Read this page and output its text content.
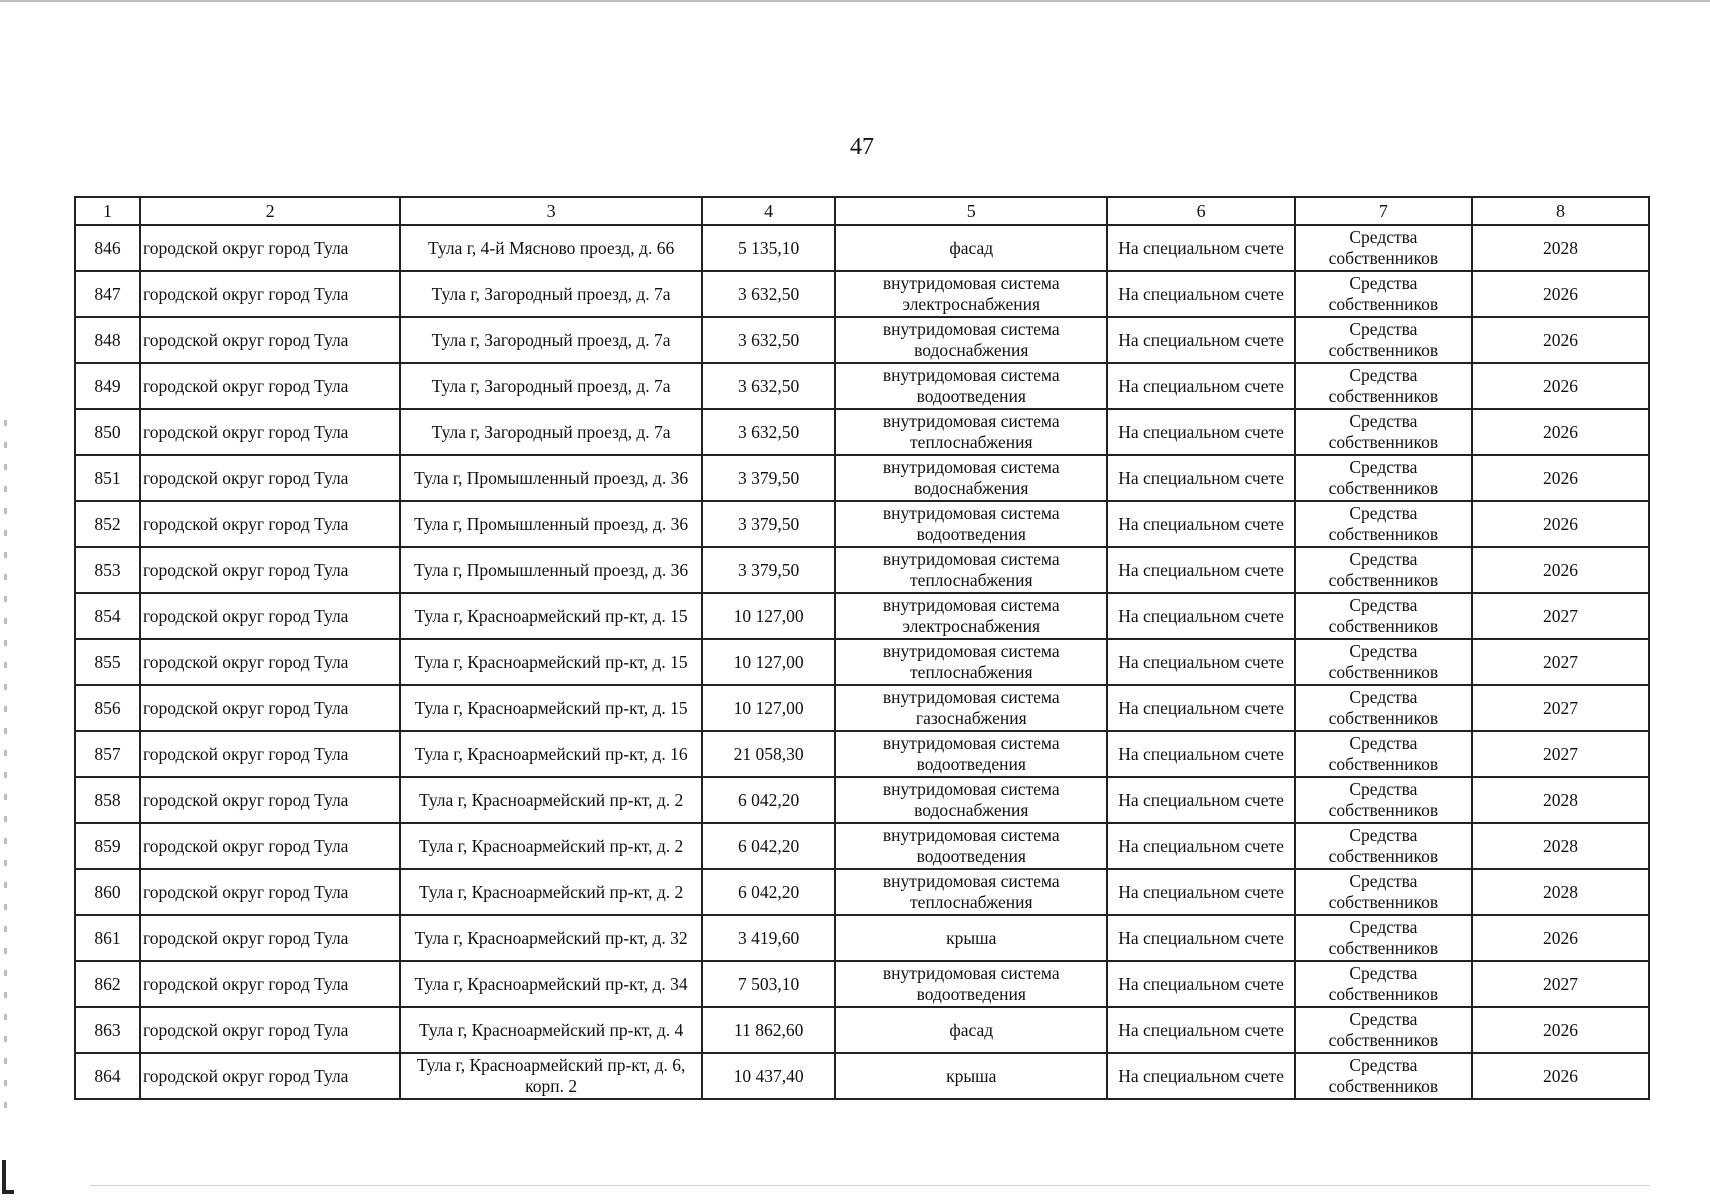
47
1	2	3	4	5	6	7	8
846	городской округ город Тула	Тула г, 4-й Мясново проезд, д. 66	5 135,10	фасад	На специальном счете	Средства собственников	2028
847	городской округ город Тула	Тула г, Загородный проезд, д. 7а	3 632,50	внутридомовая система электроснабжения	На специальном счете	Средства собственников	2026
848	городской округ город Тула	Тула г, Загородный проезд, д. 7а	3 632,50	внутридомовая система водоснабжения	На специальном счете	Средства собственников	2026
849	городской округ город Тула	Тула г, Загородный проезд, д. 7а	3 632,50	внутридомовая система водоотведения	На специальном счете	Средства собственников	2026
850	городской округ город Тула	Тула г, Загородный проезд, д. 7а	3 632,50	внутридомовая система теплоснабжения	На специальном счете	Средства собственников	2026
851	городской округ город Тула	Тула г, Промышленный проезд, д. 36	3 379,50	внутридомовая система водоснабжения	На специальном счете	Средства собственников	2026
852	городской округ город Тула	Тула г, Промышленный проезд, д. 36	3 379,50	внутридомовая система водоотведения	На специальном счете	Средства собственников	2026
853	городской округ город Тула	Тула г, Промышленный проезд, д. 36	3 379,50	внутридомовая система теплоснабжения	На специальном счете	Средства собственников	2026
854	городской округ город Тула	Тула г, Красноармейский пр-кт, д. 15	10 127,00	внутридомовая система электроснабжения	На специальном счете	Средства собственников	2027
855	городской округ город Тула	Тула г, Красноармейский пр-кт, д. 15	10 127,00	внутридомовая система теплоснабжения	На специальном счете	Средства собственников	2027
856	городской округ город Тула	Тула г, Красноармейский пр-кт, д. 15	10 127,00	внутридомовая система газоснабжения	На специальном счете	Средства собственников	2027
857	городской округ город Тула	Тула г, Красноармейский пр-кт, д. 16	21 058,30	внутридомовая система водоотведения	На специальном счете	Средства собственников	2027
858	городской округ город Тула	Тула г, Красноармейский пр-кт, д. 2	6 042,20	внутридомовая система водоснабжения	На специальном счете	Средства собственников	2028
859	городской округ город Тула	Тула г, Красноармейский пр-кт, д. 2	6 042,20	внутридомовая система водоотведения	На специальном счете	Средства собственников	2028
860	городской округ город Тула	Тула г, Красноармейский пр-кт, д. 2	6 042,20	внутридомовая система теплоснабжения	На специальном счете	Средства собственников	2028
861	городской округ город Тула	Тула г, Красноармейский пр-кт, д. 32	3 419,60	крыша	На специальном счете	Средства собственников	2026
862	городской округ город Тула	Тула г, Красноармейский пр-кт, д. 34	7 503,10	внутридомовая система водоотведения	На специальном счете	Средства собственников	2027
863	городской округ город Тула	Тула г, Красноармейский пр-кт, д. 4	11 862,60	фасад	На специальном счете	Средства собственников	2026
864	городской округ город Тула	Тула г, Красноармейский пр-кт, д. 6, корп. 2	10 437,40	крыша	На специальном счете	Средства собственников	2026
